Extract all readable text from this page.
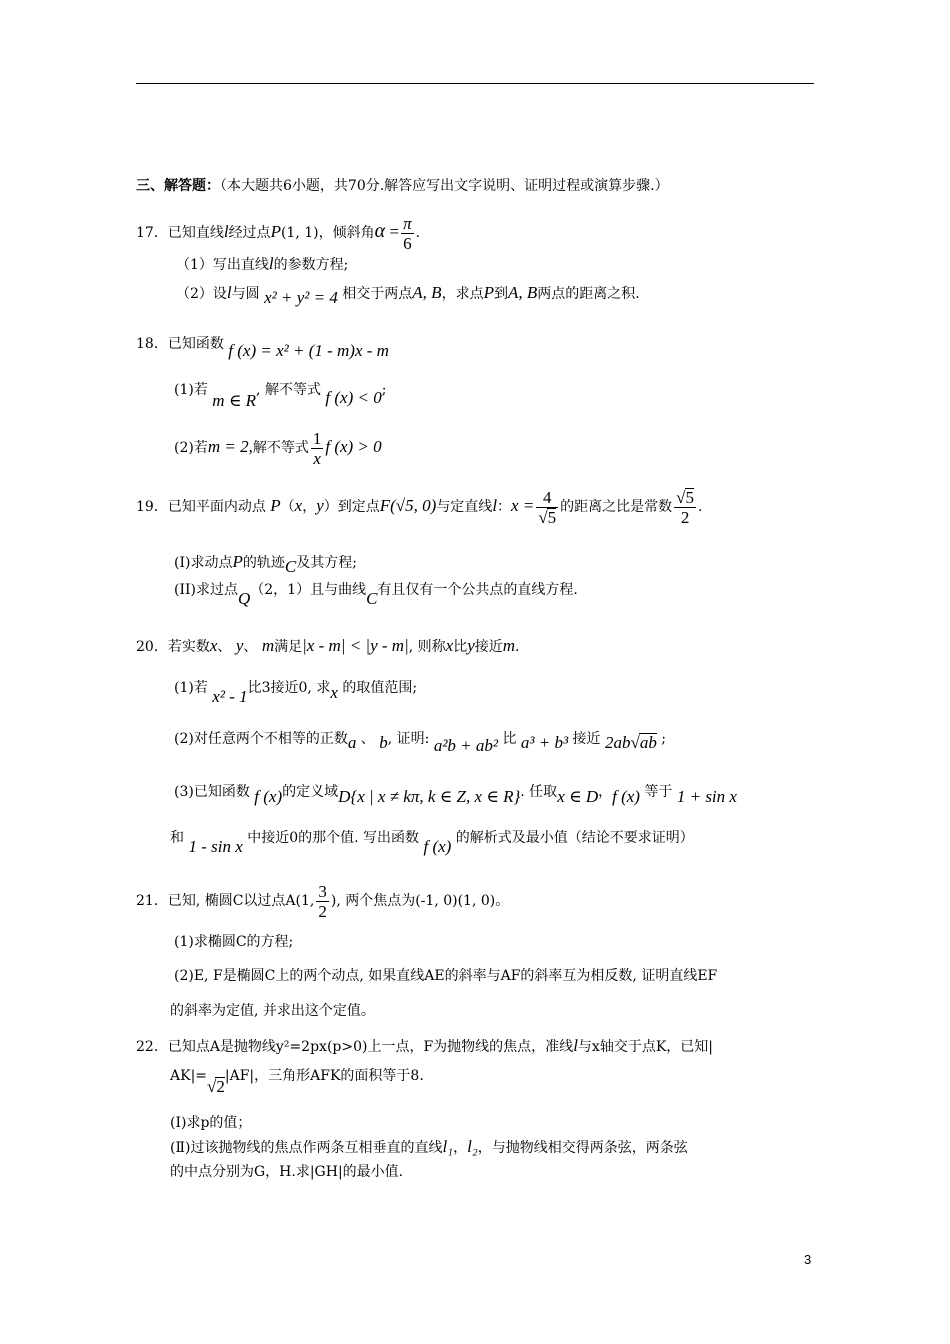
三、解答题：（本大题共6小题，共70分.解答应写出文字说明、证明过程或演算步骤.）
17．已知直线l经过点P(1, 1)，倾斜角$\alpha = \frac{\pi}{6}$ .
（1）写出直线l的参数方程;
（2）设l与圆 x² + y² = 4 相交于两点A, B，求点P到A, B两点的距离之积.
18．已知函数 f (x) = x² + (1 - m)x - m
(1)若 m ∈ R, 解不等式 f (x) < 0;
(2)若m = 2,解不等式 $\frac{1}{x}$ f (x) > 0
19．已知平面内动点 P（x，y）到定点F(√5, 0)与定直线l：$x = \frac{4}{√5}$ 的距离之比是常数 $\frac{√5}{2}$ .
(I)求动点P的轨迹C及其方程;
(II)求过点Q（2，1）且与曲线C有且仅有一个公共点的直线方程.
20．若实数x、 y、 m满足|x - m| < |y - m|, 则称x比y接近m.
(1)若 x² - 1比3接近0, 求x 的取值范围;
(2)对任意两个不相等的正数a 、 b, 证明: a²b + ab² 比 a³ + b³ 接近 2ab√ab ;
(3)已知函数 f (x)的定义域D{x | x ≠ kπ, k ∈ Z, x ∈ R}. 任取x ∈ D，f (x) 等于 1 + sin x
和 1 - sin x 中接近0的那个值. 写出函数 f (x) 的解析式及最小值（结论不要求证明）
21．已知, 椭圆C以过点A(1, $\frac{3}{2}$ ), 两个焦点为(-1, 0)(1, 0)。
(1)求椭圆C的方程;
(2)E, F是椭圆C上的两个动点, 如果直线AE的斜率与AF的斜率互为相反数, 证明直线EF
的斜率为定值, 并求出这个定值。
22．已知点A是抛物线y²=2px(p>0)上一点，F为抛物线的焦点，准线l与x轴交于点K，已知|
AK|=√2|AF|，三角形AFK的面积等于8.
(Ⅰ)求p的值；
(Ⅱ)过该抛物线的焦点作两条互相垂直的直线l₁，l₂，与抛物线相交得两条弦，两条弦
的中点分别为G，H.求|GH|的最小值.
3
